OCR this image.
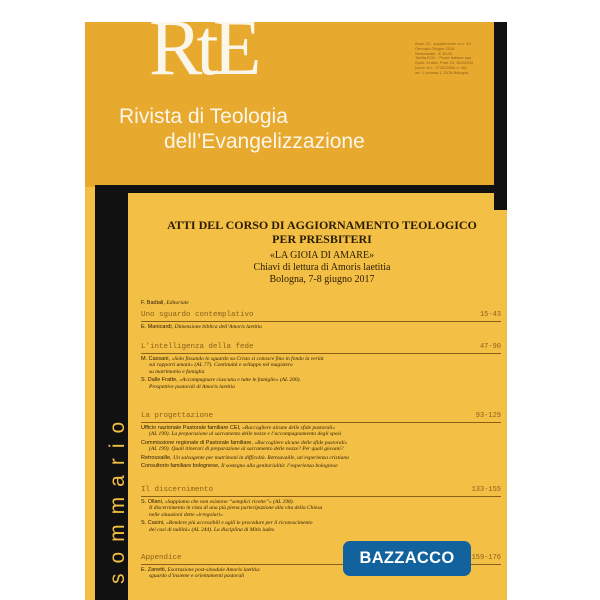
RtE
Rivista di Teologia
dell’Evangelizzazione
Anno 22 - supplemento al n. 43
Gennaio-Giugno 2018
Semestrale - € 35,00
Tariffa ROC - Poste Italiane spa
Sped. in Abb. Post. DL 353/2003
(conv. in L. 27/02/2004 n. 46)
art. 1 comma 1, DCB Bologna
sommario
ATTI DEL CORSO DI AGGIORNAMENTO TEOLOGICO
PER PRESBITERI
«LA GIOIA DI AMARE»
Chiavi di lettura di Amoris laetitia
Bologna, 7-8 giugno 2017
F. Badiali, Editoriale
Uno sguardo contemplativo	15-43
E. Manicardi, Dimensione biblica dell’Amoris laetitia
L’intelligenza della fede	47-90
M. Cassani, «Solo fissando lo sguardo su Cristo si conosce fino in fondo la verità
sui rapporti umani» (AL 77). Continuità e sviluppo nel magistero
su matrimonio e famiglia
S. Dalle Fratte, «Accompagnare ciascuna e tutte le famiglie» (AL 200).
Prospettive pastorali di Amoris laetitia
La progettazione	93-129
Ufficio nazionale Pastorale familiare CEI, «Raccogliere alcune delle sfide pastorali»
(AL 199). La preparazione al sacramento delle nozze e l’accompagnamento degli sposi
Commissione regionale di Pastorale familiare, «Raccogliere alcune delle sfide pastorali»
(AL 199). Quali itinerari di preparazione al sacramento delle nozze? Per quali giovani?
Retrouvaille, Un salvagente per matrimoni in difficoltà. Retrouvaille, un’esperienza cristiana
Consultorio familiare bolognese, Il sostegno alla genitorialità: l’esperienza bolognese
Il discernimento	133-155
S. Ollani, «Sappiamo che non esistono “semplici ricette”» (AL 298).
Il discernimento in vista di una più piena partecipazione alla vita della Chiesa
nelle situazioni dette «irregolari»
S. Casini, «Rendere più accessibili e agili le procedure per il riconoscimento
dei casi di nullità» (AL 244). La disciplina di Mitis iudex
Appendice	159-176
E. Zanetti, Esortazione post-sinodale Amoris laetitia:
sguardo d’insieme e orientamenti pastorali
BAZZACCO
